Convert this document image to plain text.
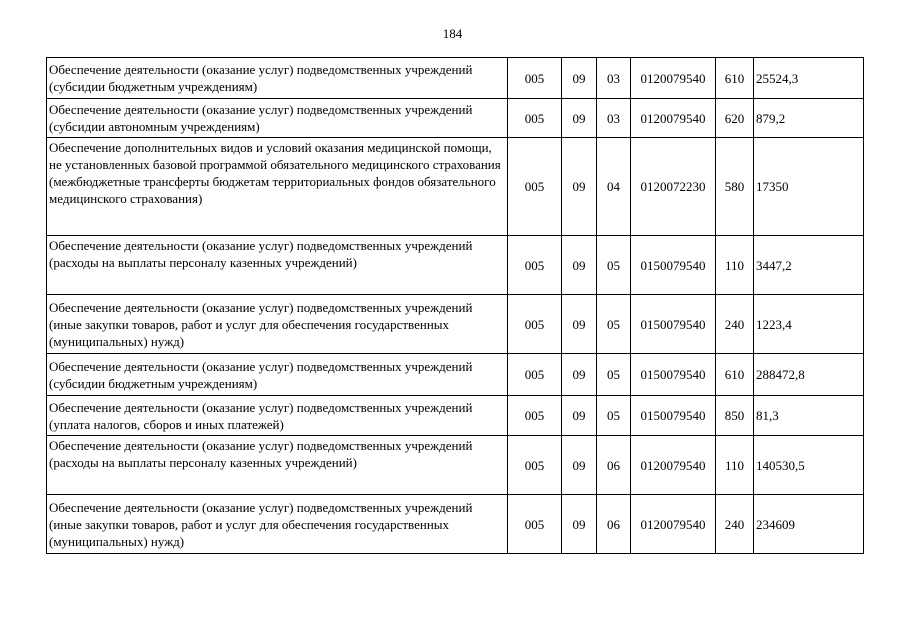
184
Обеспечение деятельности (оказание услуг) подведомственных учреждений (субсидии бюджетным учреждениям)	005	09	03	0120079540	610	25524,3
Обеспечение деятельности (оказание услуг) подведомственных учреждений (субсидии автономным учреждениям)	005	09	03	0120079540	620	879,2
Обеспечение дополнительных видов и условий оказания медицинской помощи, не установленных базовой программой обязательного медицинского страхования (межбюджетные трансферты бюджетам территориальных фондов обязательного медицинского страхования)	005	09	04	0120072230	580	17350
Обеспечение деятельности (оказание услуг) подведомственных учреждений (расходы на выплаты персоналу казенных учреждений)	005	09	05	0150079540	110	3447,2
Обеспечение деятельности (оказание услуг) подведомственных учреждений (иные закупки товаров, работ и услуг для обеспечения государственных (муниципальных) нужд)	005	09	05	0150079540	240	1223,4
Обеспечение деятельности (оказание услуг) подведомственных учреждений (субсидии бюджетным учреждениям)	005	09	05	0150079540	610	288472,8
Обеспечение деятельности (оказание услуг) подведомственных учреждений (уплата налогов, сборов и иных платежей)	005	09	05	0150079540	850	81,3
Обеспечение деятельности (оказание услуг) подведомственных учреждений (расходы на выплаты персоналу казенных учреждений)	005	09	06	0120079540	110	140530,5
Обеспечение деятельности (оказание услуг) подведомственных учреждений (иные закупки товаров, работ и услуг для обеспечения государственных (муниципальных) нужд)	005	09	06	0120079540	240	234609
